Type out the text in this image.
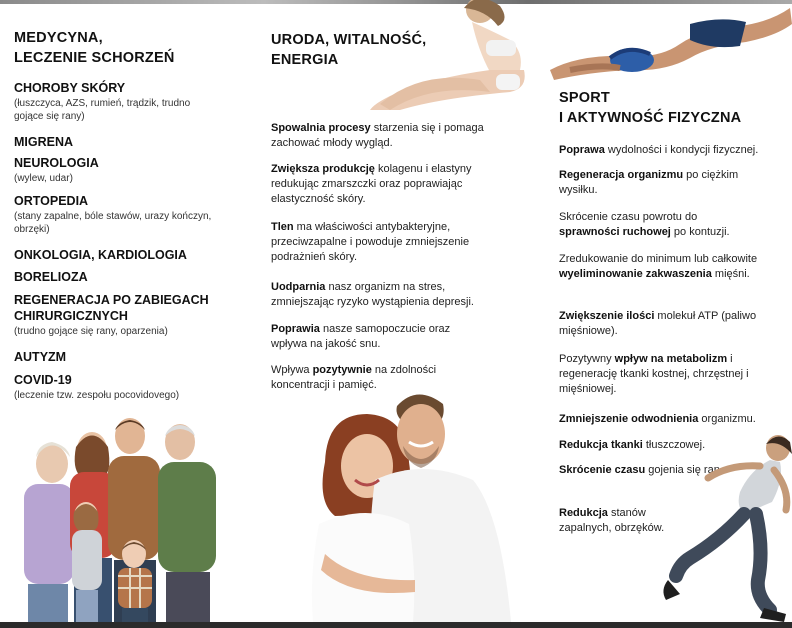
MEDYCYNA,
LECZENIE SCHORZEŃ
CHOROBY SKÓRY
(łuszczyca, AZS, rumień, trądzik, trudno gojące się rany)
MIGRENA
NEUROLOGIA
(wylew, udar)
ORTOPEDIA
(stany zapalne, bóle stawów, urazy kończyn, obrzęki)
ONKOLOGIA, KARDIOLOGIA
BORELIOZA
REGENERACJA PO ZABIEGACH CHIRURGICZNYCH
(trudno gojące się rany, oparzenia)
AUTYZM
COVID-19
(leczenie tzw. zespołu pocovidovego)
URODA, WITALNOŚĆ,
ENERGIA
Spowalnia procesy starzenia się i pomaga zachować młody wygląd.
Zwiększa produkcję kolagenu i elastyny redukując zmarszczki oraz poprawiając elastyczność skóry.
Tlen ma właściwości antybakteryjne, przeciwzapalne i powoduje zmniejszenie podrażnień skóry.
Uodparnia nasz organizm na stres, zmniejszając ryzyko wystąpienia depresji.
Poprawia nasze samopoczucie oraz wpływa na jakość snu.
Wpływa pozytywnie na zdolności koncentracji i pamięć.
SPORT
I AKTYWNOŚĆ FIZYCZNA
Poprawa wydolności i kondycji fizycznej.
Regeneracja organizmu po ciężkim wysiłku.
Skrócenie czasu powrotu do sprawności ruchowej po kontuzji.
Zredukowanie do minimum lub całkowite wyeliminowanie zakwaszenia mięśni.
Zwiększenie ilości molekuł ATP (paliwo mięśniowe).
Pozytywny wpływ na metabolizm i regenerację tkanki kostnej, chrzęstnej i mięśniowej.
Zmniejszenie odwodnienia organizmu.
Redukcja tkanki tłuszczowej.
Skrócenie czasu gojenia się ran.
Redukcja stanów zapalnych, obrzęków.
